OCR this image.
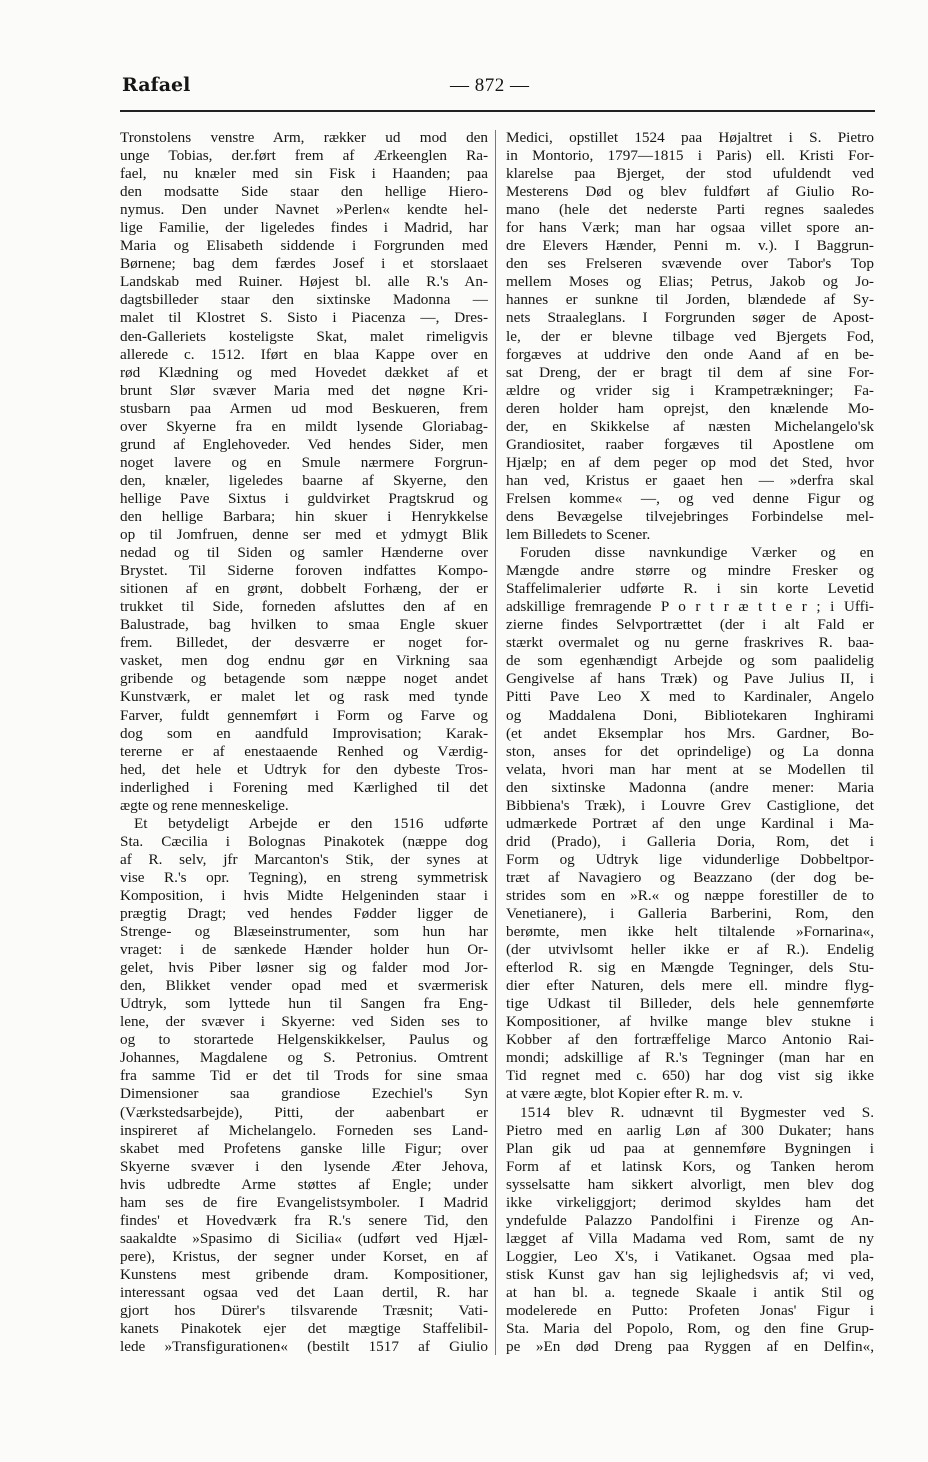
Rafael	— 872 —
Tronstolens venstre Arm, rækker ud mod den
unge Tobias, der.ført frem af Ærkeenglen Ra-
fael, nu knæler med sin Fisk i Haanden; paa
den modsatte Side staar den hellige Hiero-
nymus. Den under Navnet »Perlen« kendte hel-
lige Familie, der ligeledes findes i Madrid, har
Maria og Elisabeth siddende i Forgrunden med
Børnene; bag dem færdes Josef i et storslaaet
Landskab med Ruiner. Højest bl. alle R.'s An-
dagtsbilleder staar den sixtinske Madonna —
malet til Klostret S. Sisto i Piacenza —, Dres-
den-Galleriets kosteligste Skat, malet rimeligvis
allerede c. 1512. Iført en blaa Kappe over en
rød Klædning og med Hovedet dækket af et
brunt Slør svæver Maria med det nøgne Kri-
stusbarn paa Armen ud mod Beskueren, frem
over Skyerne fra en mildt lysende Gloriabag-
grund af Englehoveder. Ved hendes Sider, men
noget lavere og en Smule nærmere Forgrun-
den, knæler, ligeledes baarne af Skyerne, den
hellige Pave Sixtus i guldvirket Pragtskrud og
den hellige Barbara; hin skuer i Henrykkelse
op til Jomfruen, denne ser med et ydmygt Blik
nedad og til Siden og samler Hænderne over
Brystet. Til Siderne foroven indfattes Kompo-
sitionen af en grønt, dobbelt Forhæng, der er
trukket til Side, forneden afsluttes den af en
Balustrade, bag hvilken to smaa Engle skuer
frem. Billedet, der desværre er noget for-
vasket, men dog endnu gør en Virkning saa
gribende og betagende som næppe noget andet
Kunstværk, er malet let og rask med tynde
Farver, fuldt gennemført i Form og Farve og
dog som en aandfuld Improvisation; Karak-
tererne er af enestaaende Renhed og Værdig-
hed, det hele et Udtryk for den dybeste Tros-
inderlighed i Forening med Kærlighed til det
ægte og rene menneskelige.
Et betydeligt Arbejde er den 1516 udførte
Sta. Cæcilia i Bolognas Pinakotek (næppe dog
af R. selv, jfr Marcanton's Stik, der synes at
vise R.'s opr. Tegning), en streng symmetrisk
Komposition, i hvis Midte Helgeninden staar i
prægtig Dragt; ved hendes Fødder ligger de
Strenge- og Blæseinstrumenter, som hun har
vraget: i de sænkede Hænder holder hun Or-
gelet, hvis Piber løsner sig og falder mod Jor-
den, Blikket vender opad med et sværmerisk
Udtryk, som lyttede hun til Sangen fra Eng-
lene, der svæver i Skyerne: ved Siden ses to
og to storartede Helgenskikkelser, Paulus og
Johannes, Magdalene og S. Petronius. Omtrent
fra samme Tid er det til Trods for sine smaa
Dimensioner saa grandiose Ezechiel's Syn
(Værkstedsarbejde), Pitti, der aabenbart er
inspireret af Michelangelo. Forneden ses Land-
skabet med Profetens ganske lille Figur; over
Skyerne svæver i den lysende Æter Jehova,
hvis udbredte Arme støttes af Engle; under
ham ses de fire Evangelistsymboler. I Madrid
findes' et Hovedværk fra R.'s senere Tid, den
saakaldte »Spasimo di Sicilia« (udført ved Hjæl-
pere), Kristus, der segner under Korset, en af
Kunstens mest gribende dram. Kompositioner,
interessant ogsaa ved det Laan dertil, R. har
gjort hos Dürer's tilsvarende Træsnit; Vati-
kanets Pinakotek ejer det mægtige Staffelibil-
lede »Transfigurationen« (bestilt 1517 af Giulio
Medici, opstillet 1524 paa Højaltret i S. Pietro
in Montorio, 1797—1815 i Paris) ell. Kristi For-
klarelse paa Bjerget, der stod ufuldendt ved
Mesterens Død og blev fuldført af Giulio Ro-
mano (hele det nederste Parti regnes saaledes
for hans Værk; man har ogsaa villet spore an-
dre Elevers Hænder, Penni m. v.). I Baggrun-
den ses Frelseren svævende over Tabor's Top
mellem Moses og Elias; Petrus, Jakob og Jo-
hannes er sunkne til Jorden, blændede af Sy-
nets Straaleglans. I Forgrunden søger de Apost-
le, der er blevne tilbage ved Bjergets Fod,
forgæves at uddrive den onde Aand af en be-
sat Dreng, der er bragt til dem af sine For-
ældre og vrider sig i Krampetrækninger; Fa-
deren holder ham oprejst, den knælende Mo-
der, en Skikkelse af næsten Michelangelo'sk
Grandiositet, raaber forgæves til Apostlene om
Hjælp; en af dem peger op mod det Sted, hvor
han ved, Kristus er gaaet hen — »derfra skal
Frelsen komme« —, og ved denne Figur og
dens Bevægelse tilvejebringes Forbindelse mel-
lem Billedets to Scener.
Foruden disse navnkundige Værker og en
Mængde andre større og mindre Fresker og
Staffelimalerier udførte R. i sin korte Levetid
adskillige fremragende P o r t r æ t t e r ; i Uffi-
zierne findes Selvportrættet (der i alt Fald er
stærkt overmalet og nu gerne fraskrives R. baa-
de som egenhændigt Arbejde og som paalidelig
Gengivelse af hans Træk) og Pave Julius II, i
Pitti Pave Leo X med to Kardinaler, Angelo
og Maddalena Doni, Bibliotekaren Inghirami
(et andet Eksemplar hos Mrs. Gardner, Bo-
ston, anses for det oprindelige) og La donna
velata, hvori man har ment at se Modellen til
den sixtinske Madonna (andre mener: Maria
Bibbiena's Træk), i Louvre Grev Castiglione, det
udmærkede Portræt af den unge Kardinal i Ma-
drid (Prado), i Galleria Doria, Rom, det i
Form og Udtryk lige vidunderlige Dobbeltpor-
træt af Navagiero og Beazzano (der dog be-
strides som en »R.« og næppe forestiller de to
Venetianere), i Galleria Barberini, Rom, den
berømte, men ikke helt tiltalende »Fornarina«,
(der utvivlsomt heller ikke er af R.). Endelig
efterlod R. sig en Mængde Tegninger, dels Stu-
dier efter Naturen, dels mere ell. mindre flyg-
tige Udkast til Billeder, dels hele gennemførte
Kompositioner, af hvilke mange blev stukne i
Kobber af den fortræffelige Marco Antonio Rai-
mondi; adskillige af R.'s Tegninger (man har en
Tid regnet med c. 650) har dog vist sig ikke
at være ægte, blot Kopier efter R. m. v.
1514 blev R. udnævnt til Bygmester ved S.
Pietro med en aarlig Løn af 300 Dukater; hans
Plan gik ud paa at gennemføre Bygningen i
Form af et latinsk Kors, og Tanken herom
sysselsatte ham sikkert alvorligt, men blev dog
ikke virkeliggjort; derimod skyldes ham det
yndefulde Palazzo Pandolfini i Firenze og An-
lægget af Villa Madama ved Rom, samt de ny
Loggier, Leo X's, i Vatikanet. Ogsaa med pla-
stisk Kunst gav han sig lejlighedsvis af; vi ved,
at han bl. a. tegnede Skaale i antik Stil og
modelerede en Putto: Profeten Jonas' Figur i
Sta. Maria del Popolo, Rom, og den fine Grup-
pe »En død Dreng paa Ryggen af en Delfin«,
